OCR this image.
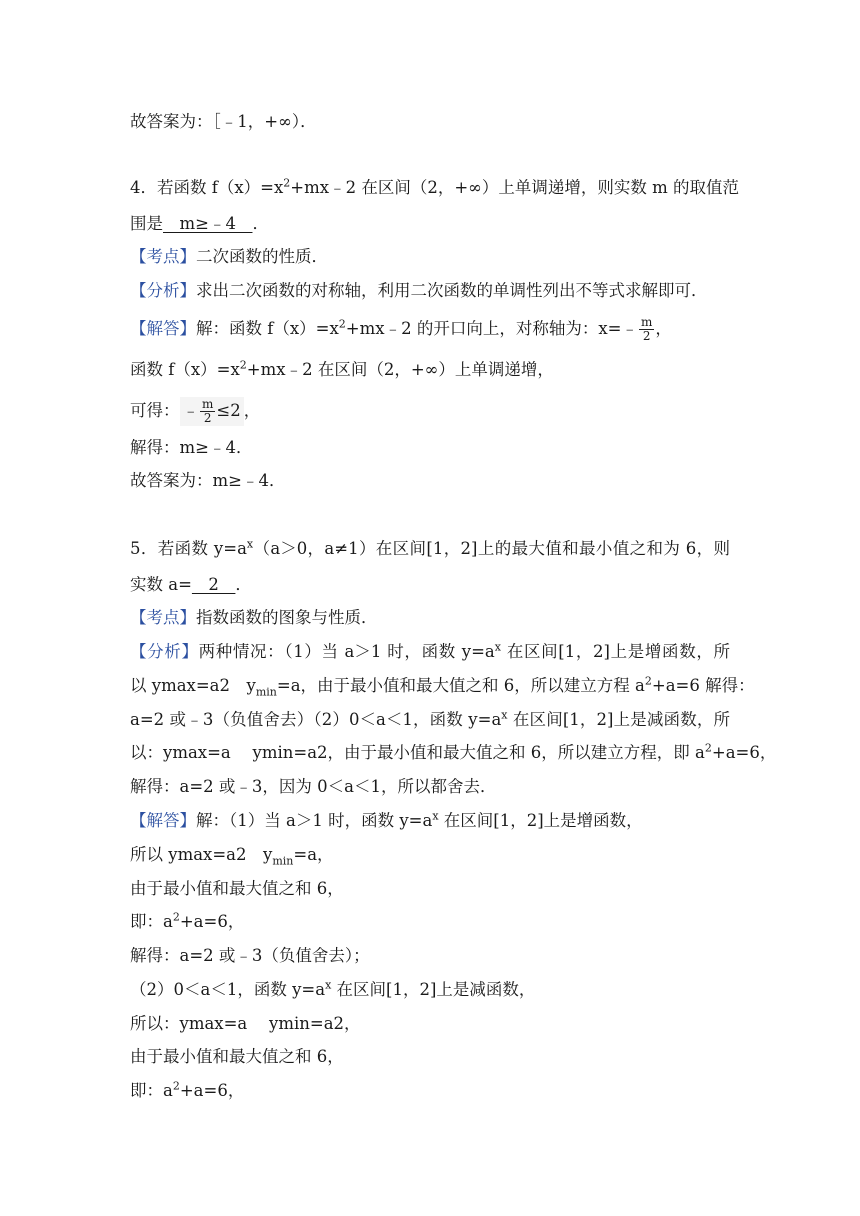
故答案为：［﹣1，+∞）．
4．若函数 $f(x)=x^2+mx﹣2$ 在区间（2，+∞）上单调递增，则实数 m 的取值范
围是　m≥﹣4　．
【考点】二次函数的性质．
【分析】求出二次函数的对称轴，利用二次函数的单调性列出不等式求解即可．
【解答】解：函数 $f(x)=x^2+mx﹣2$ 的开口向上，对称轴为：x=﹣ $\frac{m}{2}$ ，
函数 $f(x)=x^2+mx﹣2$ 在区间（2，+∞）上单调递增，
可得： ﹣ $\frac{m}{2} \le 2$ ，
解得：m≥﹣4．
故答案为：m≥﹣4．
5．若函数 $y=a^x(a>0$，a≠1）在区间[1，2]上的最大值和最小值之和为 6，则
实数 a=　2　．
【考点】指数函数的图象与性质．
【分析】两种情况：（1）当 a＞1 时，函数 $y=a^x$ 在区间[1，2]上是增函数，所
以 ymax=a2　$y_{min}=a$，由于最小值和最大值之和 6，所以建立方程 $a^2+a=6$ 解得：
a=2 或﹣3（负值舍去）（2）0＜a＜1，函数 $y=a^x$ 在区间[1，2]上是减函数，所
以：ymax=a　 ymin=a2，由于最小值和最大值之和 6，所以建立方程，即 $a^2+a=6$，
解得：a=2 或﹣3，因为 0＜a＜1，所以都舍去．
【解答】解：（1）当 a＞1 时，函数 $y=a^x$ 在区间[1，2]上是增函数，
所以 ymax=a2　$y_{min}=a$，
由于最小值和最大值之和 6，
即：$a^2+a=6$，
解得：a=2 或﹣3（负值舍去）；
（2）0＜a＜1，函数 $y=a^x$ 在区间[1，2]上是减函数，
所以：ymax=a　 ymin=a2，
由于最小值和最大值之和 6，
即：$a^2+a=6$，
